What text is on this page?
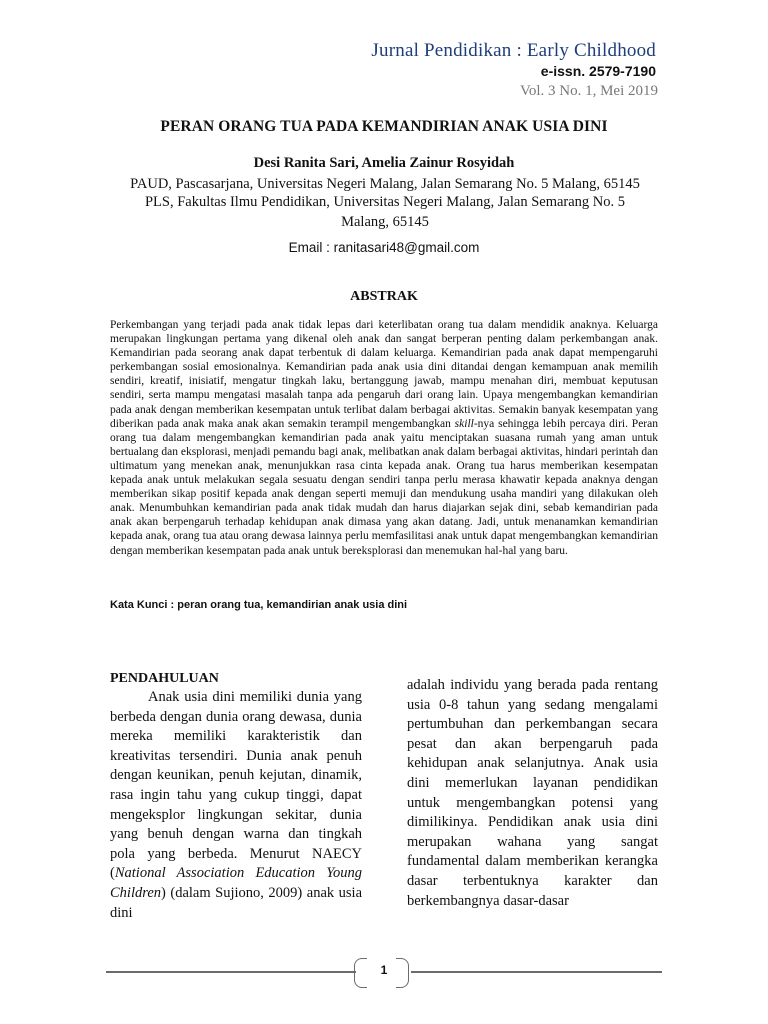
Jurnal Pendidikan : Early Childhood
e-issn. 2579-7190
Vol. 3 No. 1, Mei 2019
PERAN ORANG TUA PADA KEMANDIRIAN ANAK USIA DINI
Desi Ranita Sari, Amelia Zainur Rosyidah
PAUD, Pascasarjana, Universitas Negeri Malang, Jalan Semarang No. 5 Malang, 65145
PLS, Fakultas Ilmu Pendidikan, Universitas Negeri Malang, Jalan Semarang No. 5 Malang, 65145
Email : ranitasari48@gmail.com
ABSTRAK
Perkembangan yang terjadi pada anak tidak lepas dari keterlibatan orang tua dalam mendidik anaknya. Keluarga merupakan lingkungan pertama yang dikenal oleh anak dan sangat berperan penting dalam perkembangan anak. Kemandirian pada seorang anak dapat terbentuk di dalam keluarga. Kemandirian pada anak dapat mempengaruhi perkembangan sosial emosionalnya. Kemandirian pada anak usia dini ditandai dengan kemampuan anak memilih sendiri, kreatif, inisiatif, mengatur tingkah laku, bertanggung jawab, mampu menahan diri, membuat keputusan sendiri, serta mampu mengatasi masalah tanpa ada pengaruh dari orang lain. Upaya mengembangkan kemandirian pada anak dengan memberikan kesempatan untuk terlibat dalam berbagai aktivitas. Semakin banyak kesempatan yang diberikan pada anak maka anak akan semakin terampil mengembangkan skill-nya sehingga lebih percaya diri. Peran orang tua dalam mengembangkan kemandirian pada anak yaitu menciptakan suasana rumah yang aman untuk bertualang dan eksplorasi, menjadi pemandu bagi anak, melibatkan anak dalam berbagai aktivitas, hindari perintah dan ultimatum yang menekan anak, menunjukkan rasa cinta kepada anak. Orang tua harus memberikan kesempatan kepada anak untuk melakukan segala sesuatu dengan sendiri tanpa perlu merasa khawatir kepada anaknya dengan memberikan sikap positif kepada anak dengan seperti memuji dan mendukung usaha mandiri yang dilakukan oleh anak. Menumbuhkan kemandirian pada anak tidak mudah dan harus diajarkan sejak dini, sebab kemandirian pada anak akan berpengaruh terhadap kehidupan anak dimasa yang akan datang. Jadi, untuk menanamkan kemandirian kepada anak, orang tua atau orang dewasa lainnya perlu memfasilitasi anak untuk dapat mengembangkan kemandirian dengan memberikan kesempatan pada anak untuk bereksplorasi dan menemukan hal-hal yang baru.
Kata Kunci : peran orang tua, kemandirian anak usia dini
PENDAHULUAN

Anak usia dini memiliki dunia yang berbeda dengan dunia orang dewasa, dunia mereka memiliki karakteristik dan kreativitas tersendiri. Dunia anak penuh dengan keunikan, penuh kejutan, dinamik, rasa ingin tahu yang cukup tinggi, dapat mengeksplor lingkungan sekitar, dunia yang benuh dengan warna dan tingkah pola yang berbeda. Menurut NAECY (National Association Education Young Children) (dalam Sujiono, 2009) anak usia dini

adalah individu yang berada pada rentang usia 0-8 tahun yang sedang mengalami pertumbuhan dan perkembangan secara pesat dan akan berpengaruh pada kehidupan anak selanjutnya. Anak usia dini memerlukan layanan pendidikan untuk mengembangkan potensi yang dimilikinya. Pendidikan anak usia dini merupakan wahana yang sangat fundamental dalam memberikan kerangka dasar terbentuknya karakter dan berkembangnya dasar-dasar

1
